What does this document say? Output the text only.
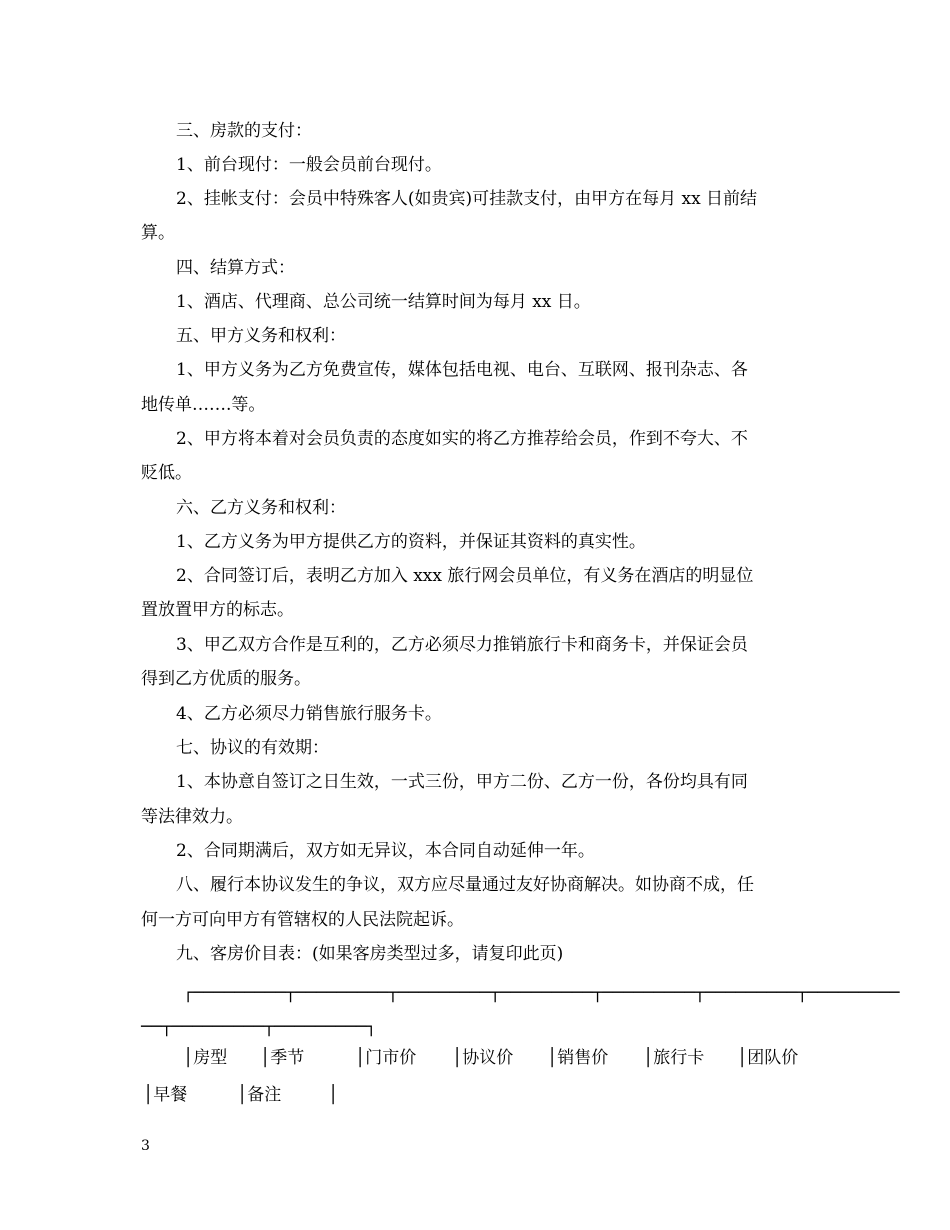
三、房款的支付：
1、前台现付：一般会员前台现付。
2、挂帐支付：会员中特殊客人(如贵宾)可挂款支付，由甲方在每月 xx 日前结
算。
四、结算方式：
1、酒店、代理商、总公司统一结算时间为每月 xx 日。
五、甲方义务和权利：
1、甲方义务为乙方免费宣传，媒体包括电视、电台、互联网、报刊杂志、各
地传单…….等。
2、甲方将本着对会员负责的态度如实的将乙方推荐给会员，作到不夸大、不
贬低。
六、乙方义务和权利：
1、乙方义务为甲方提供乙方的资料，并保证其资料的真实性。
2、合同签订后，表明乙方加入 xxx 旅行网会员单位，有义务在酒店的明显位
置放置甲方的标志。
3、甲乙双方合作是互利的，乙方必须尽力推销旅行卡和商务卡，并保证会员
得到乙方优质的服务。
4、乙方必须尽力销售旅行服务卡。
七、协议的有效期：
1、本协意自签订之日生效，一式三份，甲方二份、乙方一份，各份均具有同
等法律效力。
2、合同期满后，双方如无异议，本合同自动延伸一年。
八、履行本协议发生的争议，双方应尽量通过友好协商解决。如协商不成，任
何一方可向甲方有管辖权的人民法院起诉。
九、客房价目表：(如果客房类型过多，请复印此页)
┌─────────┬─────────┬─────────┬─────────┬─────────┬─────────┬─────────
──┬─────────┬─────────┐
│房型 │季节	│门市价 │协议价 │销售价 │旅行卡 │团队价
│早餐	│备注	│
3
